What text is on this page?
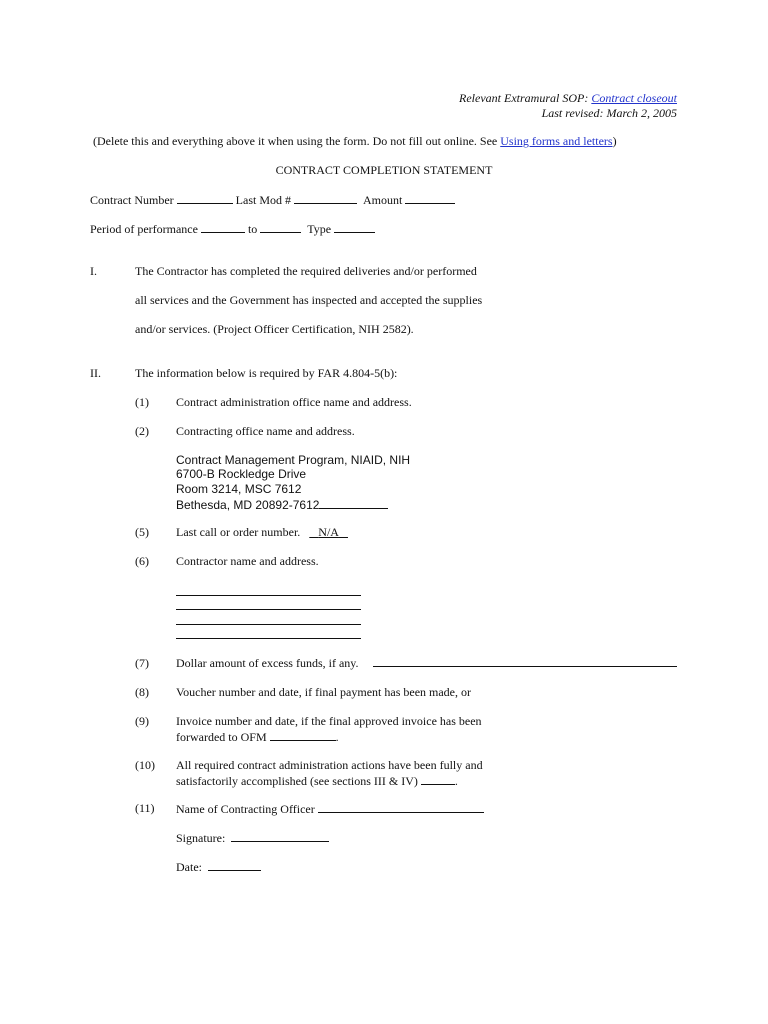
Relevant Extramural SOP: Contract closeout
Last revised: March 2, 2005
(Delete this and everything above it when using the form. Do not fill out online. See Using forms and letters)
CONTRACT COMPLETION STATEMENT
Contract Number	Last Mod #	Amount
Period of performance	to	Type
I.	The Contractor has completed the required deliveries and/or performed
all services and the Government has inspected and accepted the supplies
and/or services. (Project Officer Certification, NIH 2582).
II.	The information below is required by FAR 4.804-5(b):
(1) Contract administration office name and address.
(2) Contracting office name and address.
Contract Management Program, NIAID, NIH
6700-B Rockledge Drive
Room 3214, MSC 7612
Bethesda, MD 20892-7612
(5) Last call or order number. N/A
(6) Contractor name and address.
(7) Dollar amount of excess funds, if any.
(8) Voucher number and date, if final payment has been made, or
(9) Invoice number and date, if the final approved invoice has been
forwarded to OFM	.
(10) All required contract administration actions have been fully and
satisfactorily accomplished (see sections III & IV)	.
(11) Name of Contracting Officer
Signature:
Date:
